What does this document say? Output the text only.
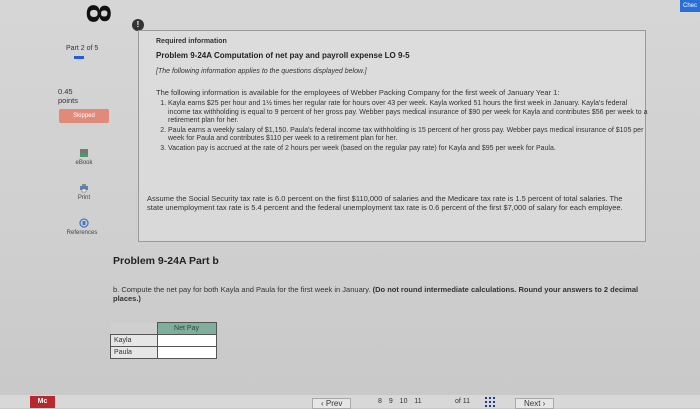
Chec
8
Part 2 of 5
0.45
points
Skipped
eBook
Print
References
!
Required information
Problem 9-24A Computation of net pay and payroll expense LO 9-5
[The following information applies to the questions displayed below.]
The following information is available for the employees of Webber Packing Company for the first week of January Year 1:
1. Kayla earns $25 per hour and 1½ times her regular rate for hours over 43 per week. Kayla worked 51 hours the first week in January. Kayla's federal income tax withholding is equal to 9 percent of her gross pay. Webber pays medical insurance of $90 per week for Kayla and contributes $56 per week to a retirement plan for her.
2. Paula earns a weekly salary of $1,150. Paula's federal income tax withholding is 15 percent of her gross pay. Webber pays medical insurance of $105 per week for Paula and contributes $110 per week to a retirement plan for her.
3. Vacation pay is accrued at the rate of 2 hours per week (based on the regular pay rate) for Kayla and $95 per week for Paula.
Assume the Social Security tax rate is 6.0 percent on the first $110,000 of salaries and the Medicare tax rate is 1.5 percent of total salaries. The state unemployment tax rate is 5.4 percent and the federal unemployment tax rate is 0.6 percent of the first $7,000 of salary for each employee.
Problem 9-24A Part b
b. Compute the net pay for both Kayla and Paula for the first week in January. (Do not round intermediate calculations. Round your answers to 2 decimal places.)
	Net Pay
Kayla	
Paula	
Mc	‹ Prev	8 9 10 11	of 11	Next ›
